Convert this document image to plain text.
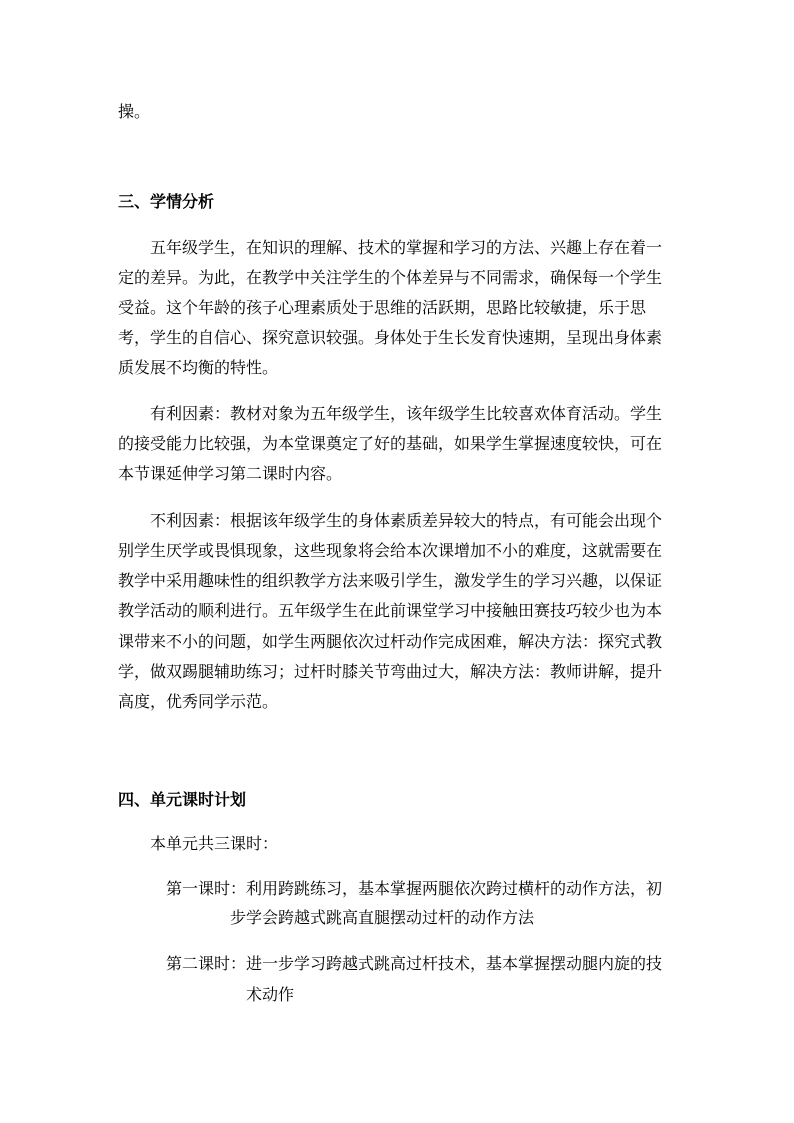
操。
三、学情分析
五年级学生，在知识的理解、技术的掌握和学习的方法、兴趣上存在着一
定的差异。为此，在教学中关注学生的个体差异与不同需求，确保每一个学生
受益。这个年龄的孩子心理素质处于思维的活跃期，思路比较敏捷，乐于思
考，学生的自信心、探究意识较强。身体处于生长发育快速期，呈现出身体素
质发展不均衡的特性。
有利因素：教材对象为五年级学生，该年级学生比较喜欢体育活动。学生
的接受能力比较强，为本堂课奠定了好的基础，如果学生掌握速度较快，可在
本节课延伸学习第二课时内容。
不利因素：根据该年级学生的身体素质差异较大的特点，有可能会出现个
别学生厌学或畏惧现象，这些现象将会给本次课增加不小的难度，这就需要在
教学中采用趣味性的组织教学方法来吸引学生，激发学生的学习兴趣，以保证
教学活动的顺利进行。五年级学生在此前课堂学习中接触田赛技巧较少也为本
课带来不小的问题，如学生两腿依次过杆动作完成困难，解决方法：探究式教
学，做双踢腿辅助练习；过杆时膝关节弯曲过大，解决方法：教师讲解，提升
高度，优秀同学示范。
四、单元课时计划
本单元共三课时：
第一课时：利用跨跳练习，基本掌握两腿依次跨过横杆的动作方法，初
步学会跨越式跳高直腿摆动过杆的动作方法
第二课时：进一步学习跨越式跳高过杆技术，基本掌握摆动腿内旋的技
术动作
